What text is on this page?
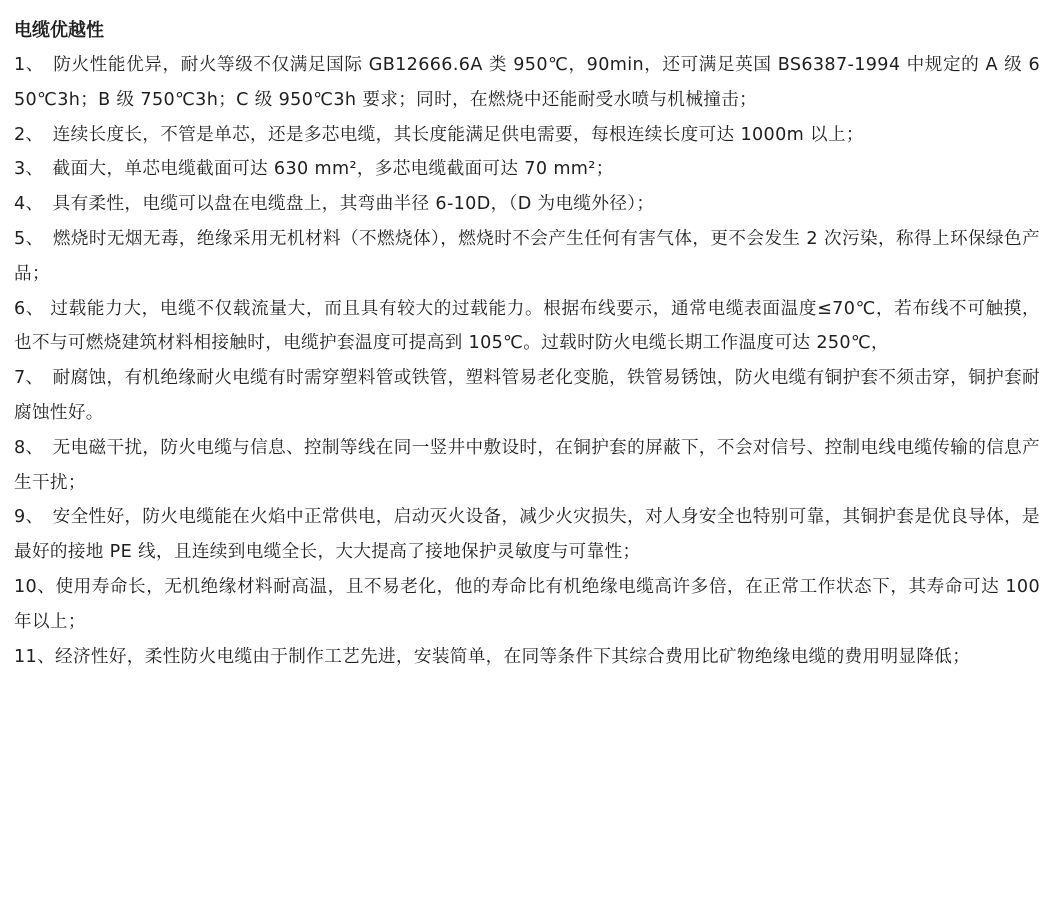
电缆优越性

1、　防火性能优异，耐火等级不仅满足国际 GB12666.6A 类 950℃，90min，还可满足英国 BS6387-1994 中规定的 A 级 650℃3h；B 级 750℃3h；C 级 950℃3h 要求；同时，在燃烧中还能耐受水喷与机械撞击；

2、　连续长度长，不管是单芯，还是多芯电缆，其长度能满足供电需要，每根连续长度可达 1000m 以上；

3、　截面大，单芯电缆截面可达 630 mm²，多芯电缆截面可达 70 mm²；

4、　具有柔性，电缆可以盘在电缆盘上，其弯曲半径 6-10D，（D 为电缆外径）；

5、　燃烧时无烟无毒，绝缘采用无机材料（不燃烧体），燃烧时不会产生任何有害气体，更不会发生 2 次污染，称得上环保绿色产品；

6、 过载能力大，电缆不仅载流量大，而且具有较大的过载能力。根据布线要示，通常电缆表面温度≤70℃，若布线不可触摸，也不与可燃烧建筑材料相接触时，电缆护套温度可提高到 105℃。过载时防火电缆长期工作温度可达 250℃，

7、　耐腐蚀，有机绝缘耐火电缆有时需穿塑料管或铁管，塑料管易老化变脆，铁管易锈蚀，防火电缆有铜护套不须击穿，铜护套耐腐蚀性好。

8、　无电磁干扰，防火电缆与信息、控制等线在同一竖井中敷设时，在铜护套的屏蔽下，不会对信号、控制电线电缆传输的信息产生干扰；

9、　安全性好，防火电缆能在火焰中正常供电，启动灭火设备，减少火灾损失，对人身安全也特别可靠，其铜护套是优良导体，是最好的接地 PE 线，且连续到电缆全长，大大提高了接地保护灵敏度与可靠性；

10、使用寿命长，无机绝缘材料耐高温，且不易老化，他的寿命比有机绝缘电缆高许多倍，在正常工作状态下，其寿命可达 100 年以上；

11、经济性好，柔性防火电缆由于制作工艺先进，安装简单，在同等条件下其综合费用比矿物绝缘电缆的费用明显降低；
